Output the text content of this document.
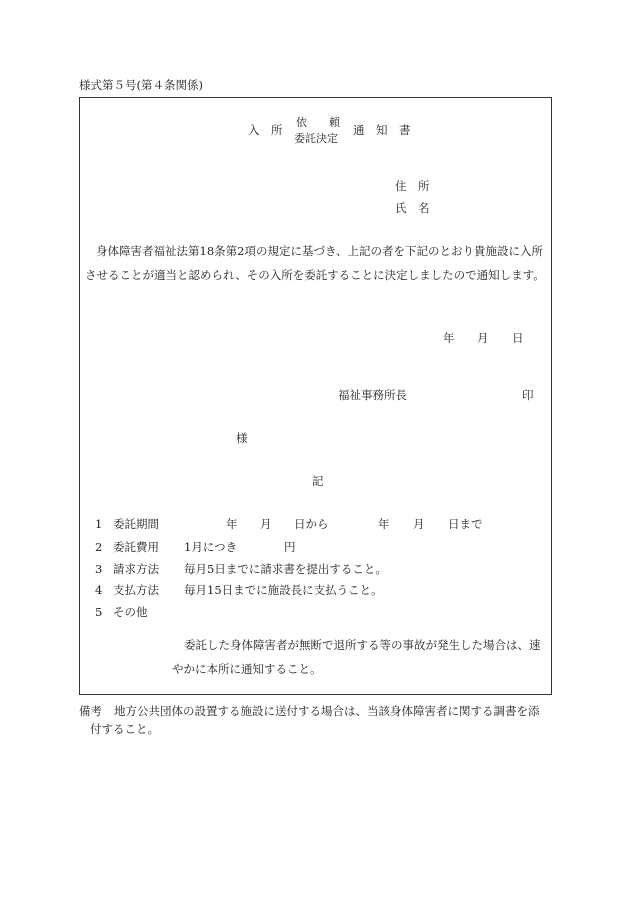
様式第５号(第４条関係)
入　所
依　　頼
委託決定
通　知　書
住　所
氏　名
身体障害者福祉法第18条第2項の規定に基づき、上記の者を下記のとおり貴施設に入所
させることが適当と認められ、その入所を委託することに決定しましたので通知します。
年 月 日
福祉事務所長	印
様
記
1 委託期間	年 月 日から	年 月 日まで
2 委託費用 1月につき	円
3 請求方法 毎月5日までに請求書を提出すること。
4 支払方法 毎月15日までに施設長に支払うこと。
5 その他
委託した身体障害者が無断で退所する等の事故が発生した場合は、速
やかに本所に通知すること。
備考 地方公共団体の設置する施設に送付する場合は、当該身体障害者に関する調書を添
付すること。
